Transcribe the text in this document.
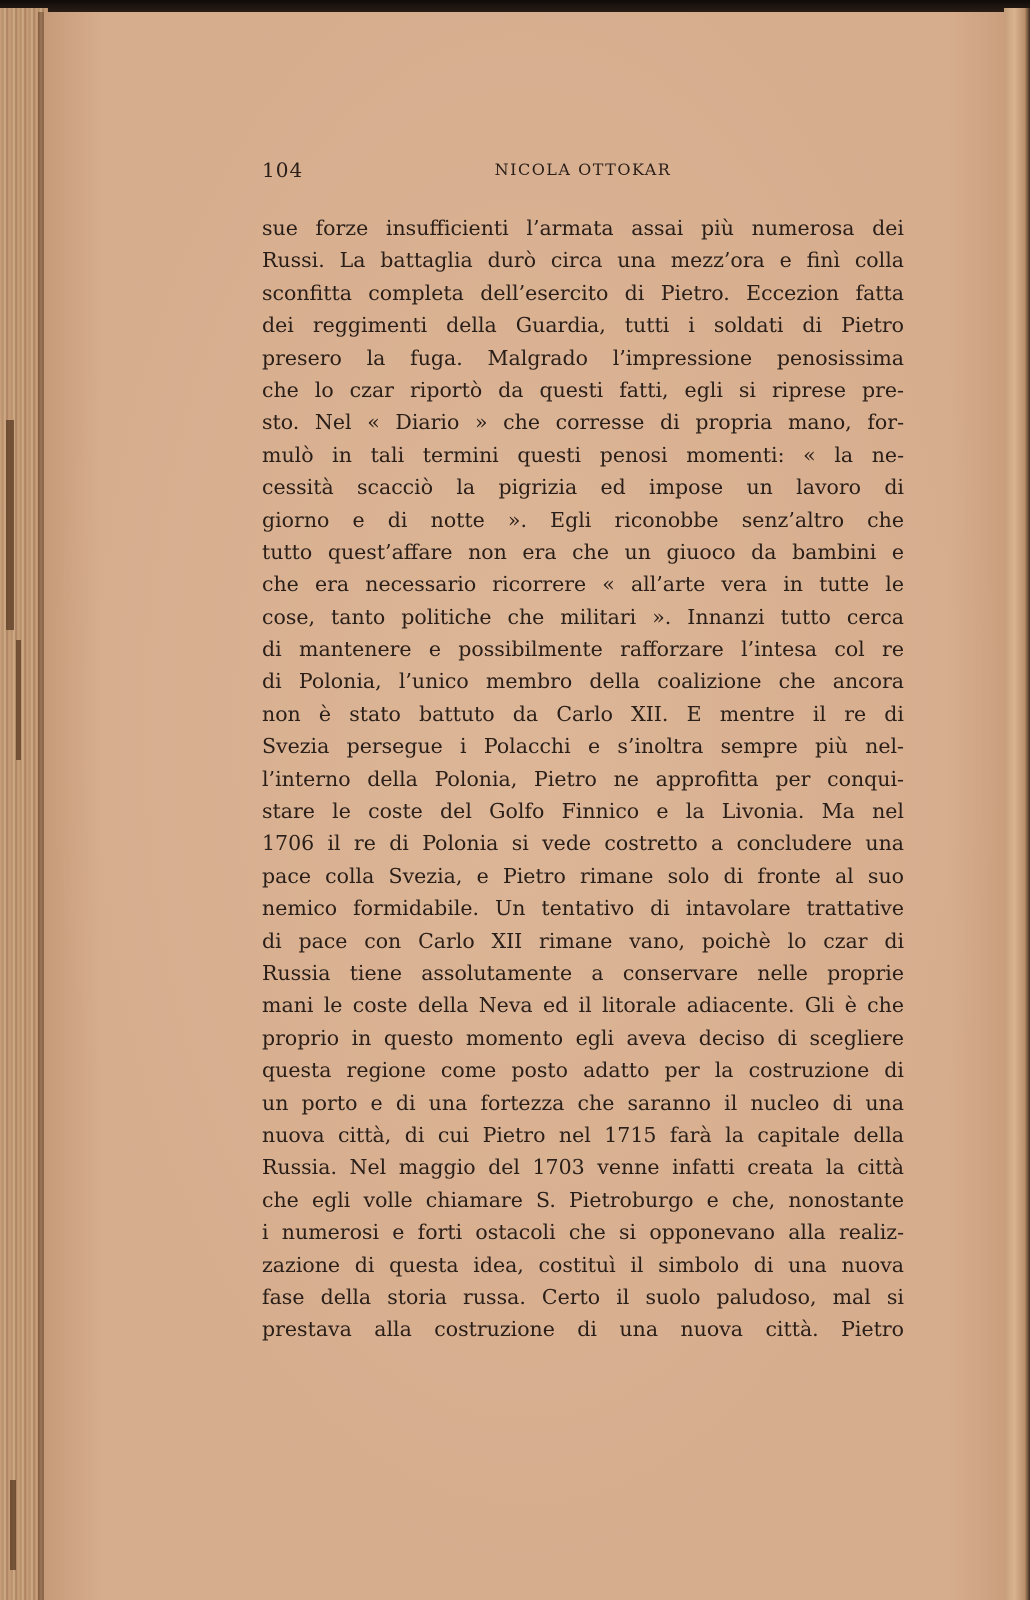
104	NICOLA OTTOKAR
sue forze insufficienti l’armata assai più numerosa dei
Russi. La battaglia durò circa una mezz’ora e finì colla
sconfitta completa dell’esercito di Pietro. Eccezion fatta
dei reggimenti della Guardia, tutti i soldati di Pietro
presero la fuga. Malgrado l’impressione penosissima
che lo czar riportò da questi fatti, egli si riprese pre-
sto. Nel « Diario » che corresse di propria mano, for-
mulò in tali termini questi penosi momenti: « la ne-
cessità scacciò la pigrizia ed impose un lavoro di
giorno e di notte ». Egli riconobbe senz’altro che
tutto quest’affare non era che un giuoco da bambini e
che era necessario ricorrere « all’arte vera in tutte le
cose, tanto politiche che militari ». Innanzi tutto cerca
di mantenere e possibilmente rafforzare l’intesa col re
di Polonia, l’unico membro della coalizione che ancora
non è stato battuto da Carlo XII. E mentre il re di
Svezia persegue i Polacchi e s’inoltra sempre più nel-
l’interno della Polonia, Pietro ne approfitta per conqui-
stare le coste del Golfo Finnico e la Livonia. Ma nel
1706 il re di Polonia si vede costretto a concludere una
pace colla Svezia, e Pietro rimane solo di fronte al suo
nemico formidabile. Un tentativo di intavolare trattative
di pace con Carlo XII rimane vano, poichè lo czar di
Russia tiene assolutamente a conservare nelle proprie
mani le coste della Neva ed il litorale adiacente. Gli è che
proprio in questo momento egli aveva deciso di scegliere
questa regione come posto adatto per la costruzione di
un porto e di una fortezza che saranno il nucleo di una
nuova città, di cui Pietro nel 1715 farà la capitale della
Russia. Nel maggio del 1703 venne infatti creata la città
che egli volle chiamare S. Pietroburgo e che, nonostante
i numerosi e forti ostacoli che si opponevano alla realiz-
zazione di questa idea, costituì il simbolo di una nuova
fase della storia russa. Certo il suolo paludoso, mal si
prestava alla costruzione di una nuova città. Pietro
